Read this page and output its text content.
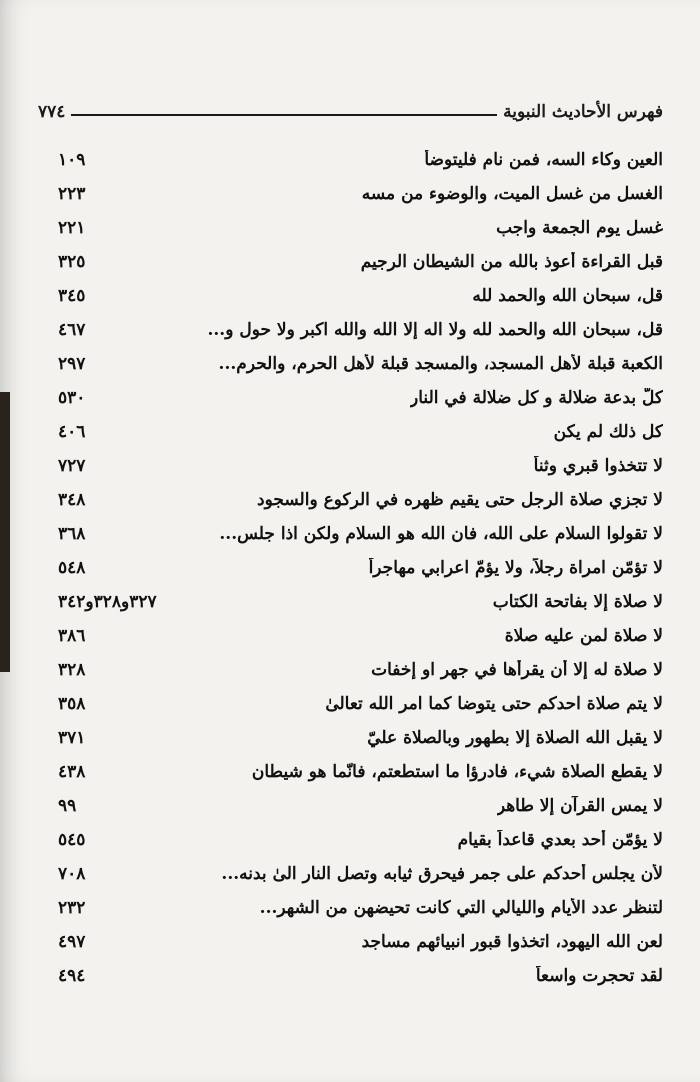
فهرس الأحاديث النبوية
٧٧٤
العين وكاء السه، فمن نام فليتوضأ
١٠٩
الغسل من غسل الميت، والوضوء من مسه
٢٢٣
غسل يوم الجمعة واجب
٢٢١
قبل القراءة أعوذ بالله من الشيطان الرجيم
٣٢٥
قل، سبحان الله والحمد لله
٣٤٥
قل، سبحان الله والحمد لله ولا اله إلا الله والله اكبر ولا حول و...
٤٦٧
الكعبة قبلة لأهل المسجد، والمسجد قبلة لأهل الحرم، والحرم...
٢٩٧
كلّ بدعة ضلالة و كل ضلالة في النار
٥٣٠
كل ذلك لم يكن
٤٠٦
لا تتخذوا قبري وثناً
٧٢٧
لا تجزي صلاة الرجل حتى يقيم ظهره في الركوع والسجود
٣٤٨
لا تقولوا السلام على الله، فان الله هو السلام ولكن اذا جلس...
٣٦٨
لا تؤمّن امراة رجلاً، ولا يؤمّ اعرابي مهاجراً
٥٤٨
لا صلاة إلا بفاتحة الكتاب
٣٢٧و٣٢٨و٣٤٢
لا صلاة لمن عليه صلاة
٣٨٦
لا صلاة له إلا أن يقرأها في جهر او إخفات
٣٢٨
لا يتم صلاة احدكم حتى يتوضا كما امر الله تعالىٰ
٣٥٨
لا يقبل الله الصلاة إلا بطهور وبالصلاة عليّ
٣٧١
لا يقطع الصلاة شيء، فادرؤا ما استطعتم، فانّما هو شيطان
٤٣٨
لا يمس القرآن إلا طاهر
٩٩
لا يؤمّن أحد بعدي قاعداً بقيام
٥٤٥
لأن يجلس أحدكم على جمر فيحرق ثيابه وتصل النار الىٰ بدنه...
٧٠٨
لتنظر عدد الأيام والليالي التي كانت تحيضهن من الشهر...
٢٣٢
لعن الله اليهود، اتخذوا قبور انبيائهم مساجد
٤٩٧
لقد تحجرت واسعاً
٤٩٤
